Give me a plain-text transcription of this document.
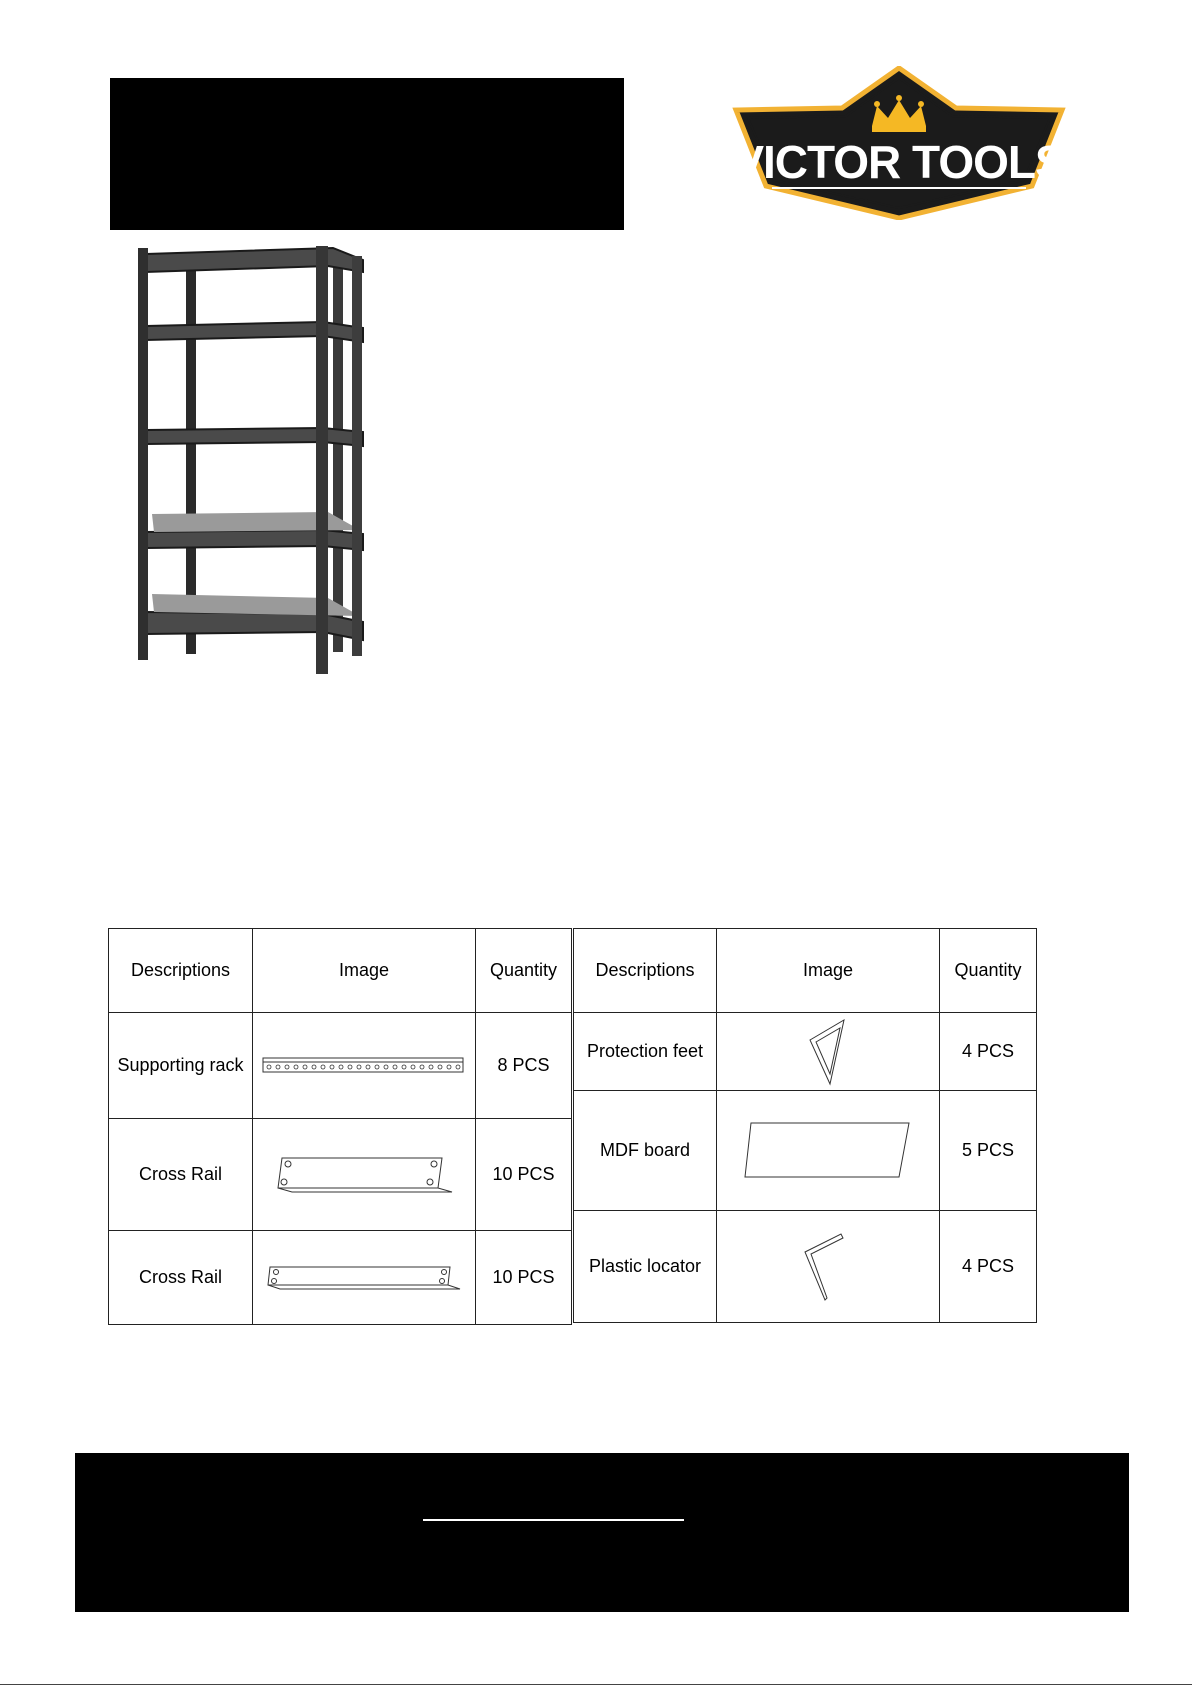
VICTOR TOOLS
Descriptions	Image	Quantity
Supporting rack		8 PCS
Cross Rail		10 PCS
Cross Rail		10 PCS
Descriptions	Image	Quantity
Protection feet		4 PCS
MDF board		5 PCS
Plastic locator		4 PCS
